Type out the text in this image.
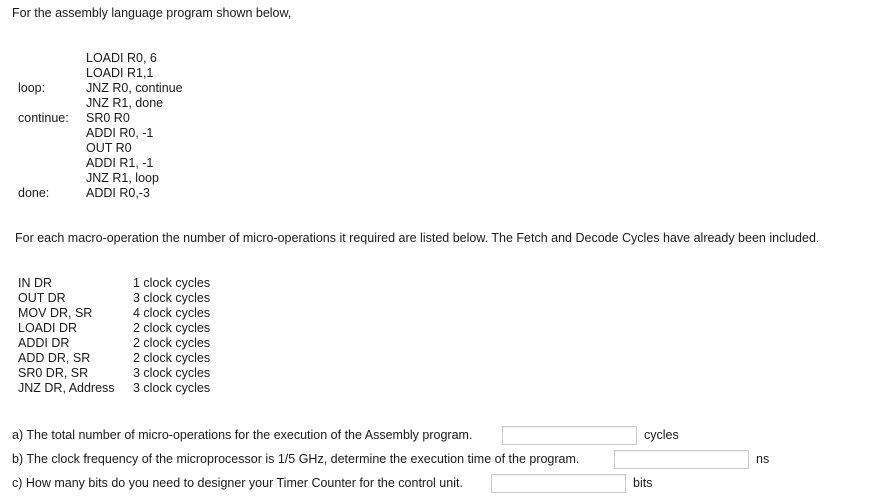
For the assembly language program shown below,
LOADI R0, 6
LOADI R1,1
loop:	JNZ R0, continue
JNZ R1, done
continue: SR0 R0
ADDI R0, -1
OUT R0
ADDI R1, -1
JNZ R1, loop
done:	ADDI R0,-3
For each macro-operation the number of micro-operations it required are listed below. The Fetch and Decode Cycles have already been included.
IN DR	1 clock cycles
OUT DR	3 clock cycles
MOV DR, SR	4 clock cycles
LOADI DR	2 clock cycles
ADDI DR	2 clock cycles
ADD DR, SR	2 clock cycles
SR0 DR, SR	3 clock cycles
JNZ DR, Address 3 clock cycles
a) The total number of micro-operations for the execution of the Assembly program.	cycles
b) The clock frequency of the microprocessor is 1/5 GHz, determine the execution time of the program.	ns
c) How many bits do you need to designer your Timer Counter for the control unit.	bits
